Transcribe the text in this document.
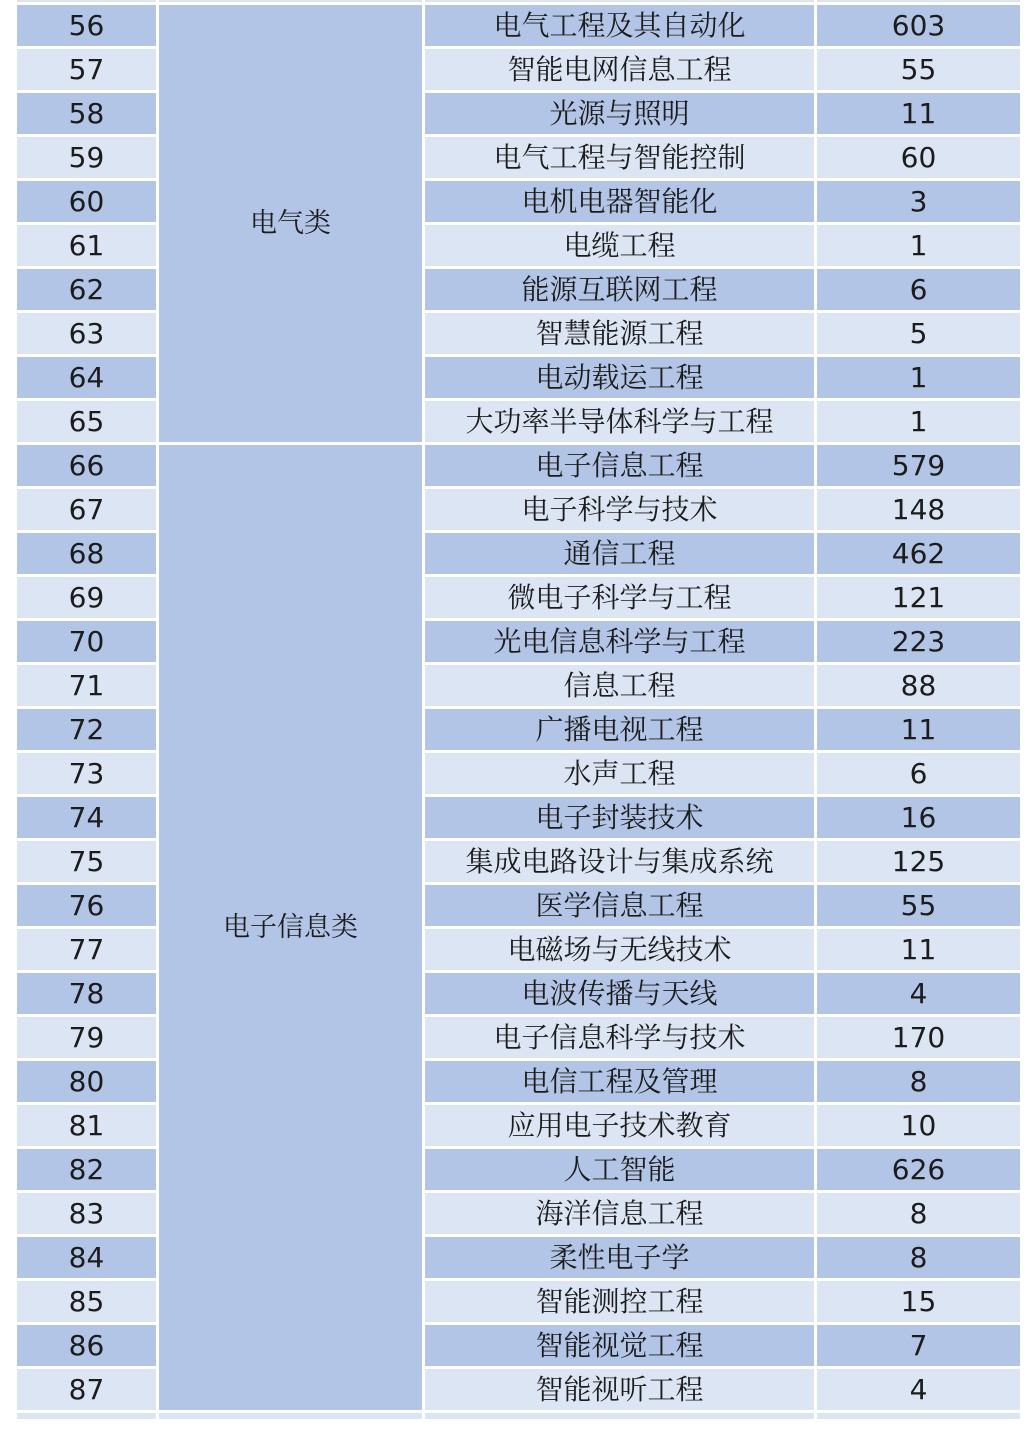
56	电气类	电气工程及其自动化	603
57		智能电网信息工程	55
58		光源与照明	11
59		电气工程与智能控制	60
60		电机电器智能化	3
61		电缆工程	1
62		能源互联网工程	6
63		智慧能源工程	5
64		电动载运工程	1
65		大功率半导体科学与工程	1
66	电子信息类	电子信息工程	579
67		电子科学与技术	148
68		通信工程	462
69		微电子科学与工程	121
70		光电信息科学与工程	223
71		信息工程	88
72		广播电视工程	11
73		水声工程	6
74		电子封装技术	16
75		集成电路设计与集成系统	125
76		医学信息工程	55
77		电磁场与无线技术	11
78		电波传播与天线	4
79		电子信息科学与技术	170
80		电信工程及管理	8
81		应用电子技术教育	10
82		人工智能	626
83		海洋信息工程	8
84		柔性电子学	8
85		智能测控工程	15
86		智能视觉工程	7
87		智能视听工程	4
